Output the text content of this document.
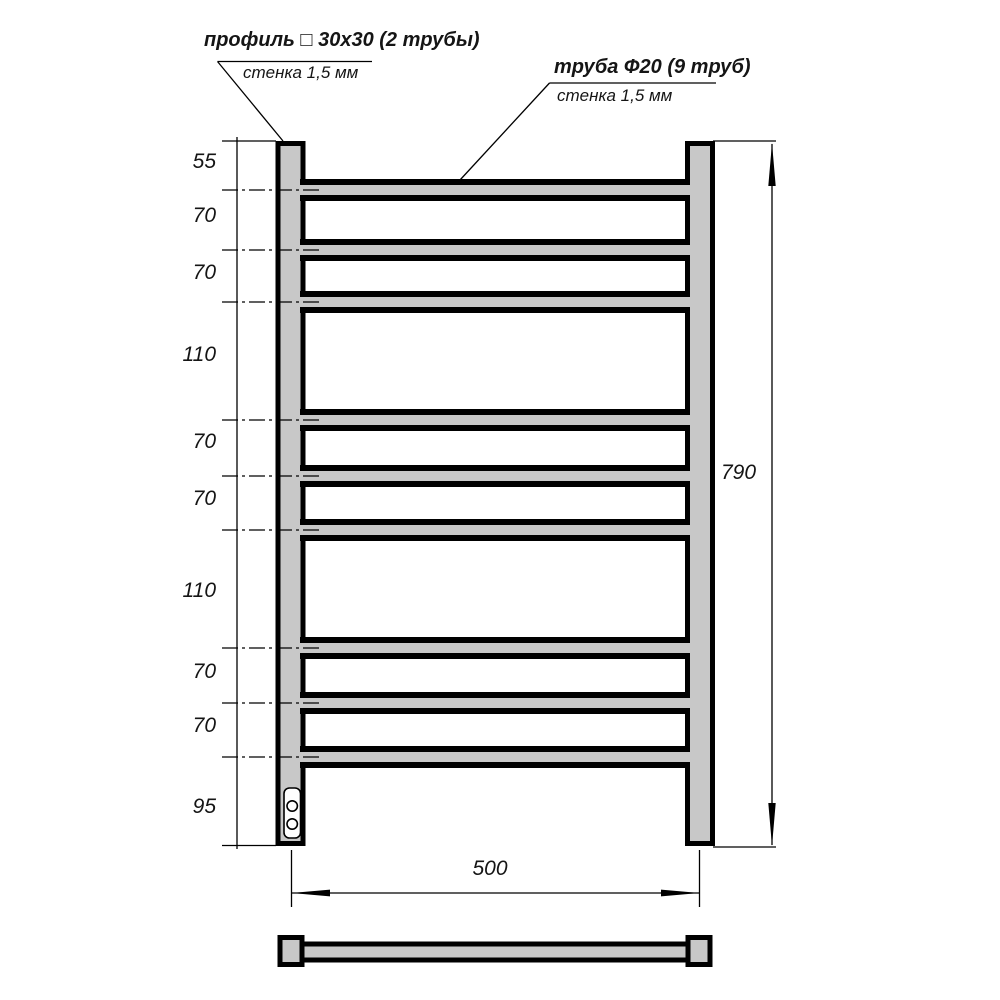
профиль □ 30x30 (2 трубы)
стенка 1,5 мм	труба Ф20 (9 труб)
стенка 1,5 мм
55
70
70
110
70
70
110
70
70
95
790
500
